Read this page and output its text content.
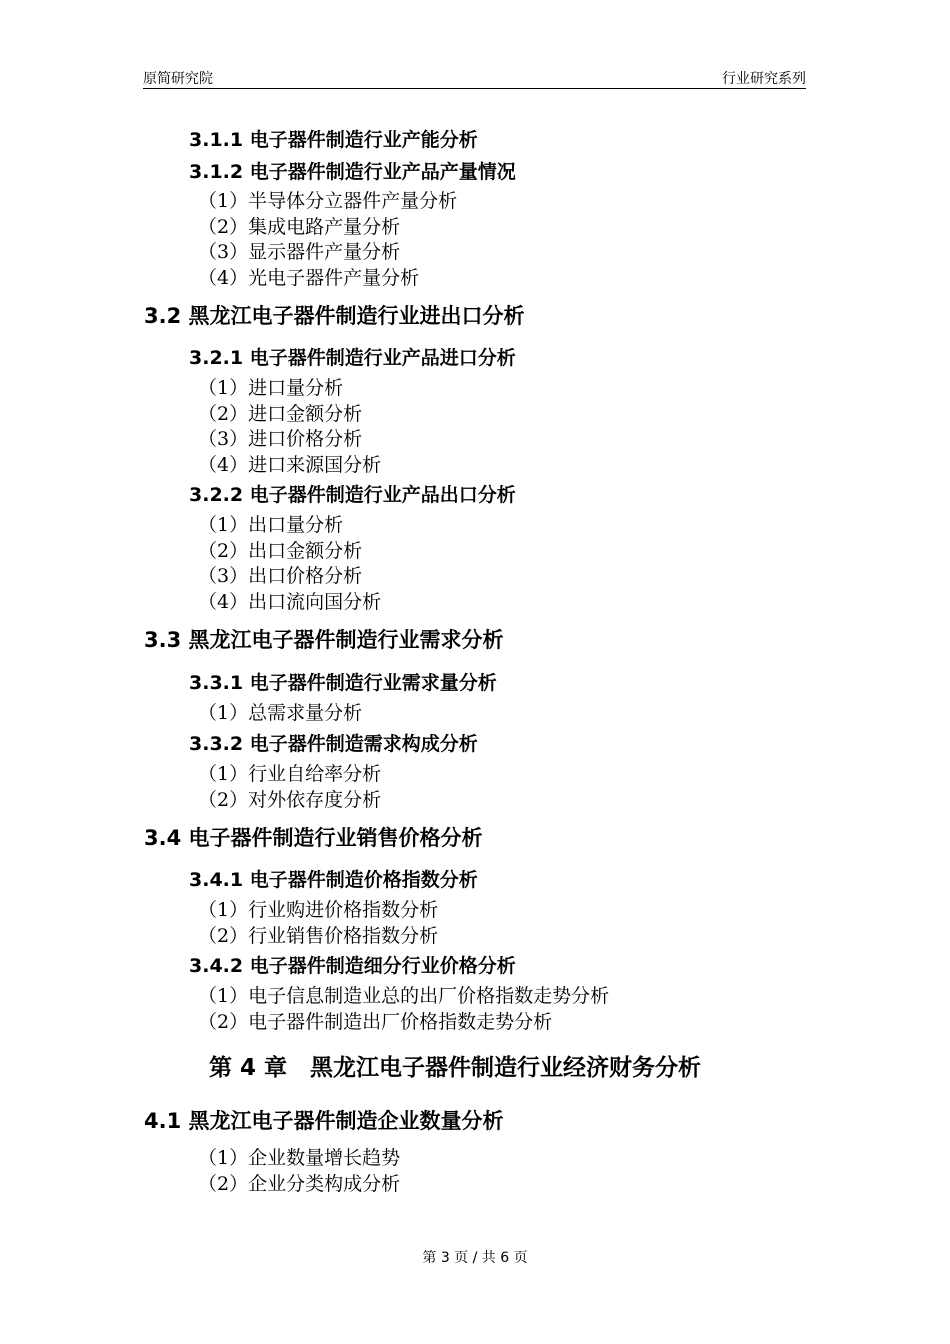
原简研究院	行业研究系列
3.1.1 电子器件制造行业产能分析
3.1.2 电子器件制造行业产品产量情况
（1）半导体分立器件产量分析
（2）集成电路产量分析
（3）显示器件产量分析
（4）光电子器件产量分析
3.2 黑龙江电子器件制造行业进出口分析
3.2.1 电子器件制造行业产品进口分析
（1）进口量分析
（2）进口金额分析
（3）进口价格分析
（4）进口来源国分析
3.2.2 电子器件制造行业产品出口分析
（1）出口量分析
（2）出口金额分析
（3）出口价格分析
（4）出口流向国分析
3.3 黑龙江电子器件制造行业需求分析
3.3.1 电子器件制造行业需求量分析
（1）总需求量分析
3.3.2 电子器件制造需求构成分析
（1）行业自给率分析
（2）对外依存度分析
3.4 电子器件制造行业销售价格分析
3.4.1 电子器件制造价格指数分析
（1）行业购进价格指数分析
（2）行业销售价格指数分析
3.4.2 电子器件制造细分行业价格分析
（1）电子信息制造业总的出厂价格指数走势分析
（2）电子器件制造出厂价格指数走势分析
第 4 章　黑龙江电子器件制造行业经济财务分析
4.1 黑龙江电子器件制造企业数量分析
（1）企业数量增长趋势
（2）企业分类构成分析
第 3 页 / 共 6 页
